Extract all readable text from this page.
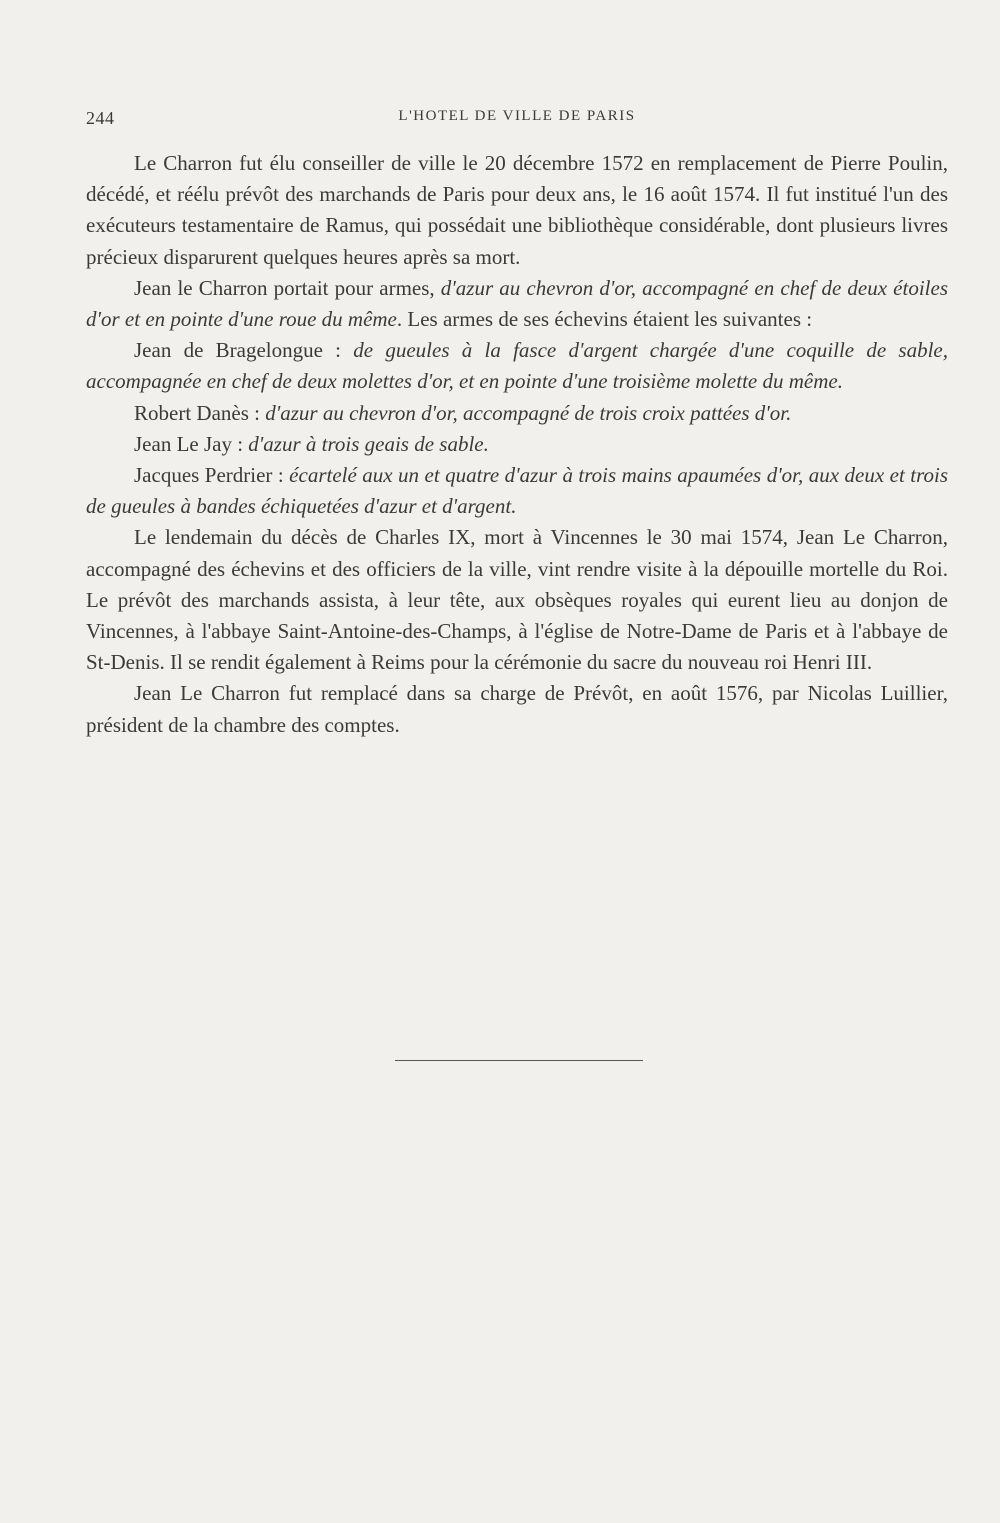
244	L'HOTEL DE VILLE DE PARIS

Le Charron fut élu conseiller de ville le 20 décembre 1572 en remplacement de Pierre Poulin, décédé, et réélu prévôt des marchands de Paris pour deux ans, le 16 août 1574. Il fut institué l'un des exécuteurs testamentaire de Ramus, qui possédait une bibliothèque considérable, dont plusieurs livres précieux disparurent quelques heures après sa mort.

Jean le Charron portait pour armes, d'azur au chevron d'or, accompagné en chef de deux étoiles d'or et en pointe d'une roue du même. Les armes de ses échevins étaient les suivantes :

Jean de Bragelongue : de gueules à la fasce d'argent chargée d'une coquille de sable, accompagnée en chef de deux molettes d'or, et en pointe d'une troisième molette du même.

Robert Danès : d'azur au chevron d'or, accompagné de trois croix pattées d'or.

Jean Le Jay : d'azur à trois geais de sable.

Jacques Perdrier : écartelé aux un et quatre d'azur à trois mains apaumées d'or, aux deux et trois de gueules à bandes échiquetées d'azur et d'argent.

Le lendemain du décès de Charles IX, mort à Vincennes le 30 mai 1574, Jean Le Charron, accompagné des échevins et des officiers de la ville, vint rendre visite à la dépouille mortelle du Roi. Le prévôt des marchands assista, à leur tête, aux obsèques royales qui eurent lieu au donjon de Vincennes, à l'abbaye Saint-Antoine-des-Champs, à l'église de Notre-Dame de Paris et à l'abbaye de St-Denis. Il se rendit également à Reims pour la cérémonie du sacre du nouveau roi Henri III.

Jean Le Charron fut remplacé dans sa charge de Prévôt, en août 1576, par Nicolas Luillier, président de la chambre des comptes.
